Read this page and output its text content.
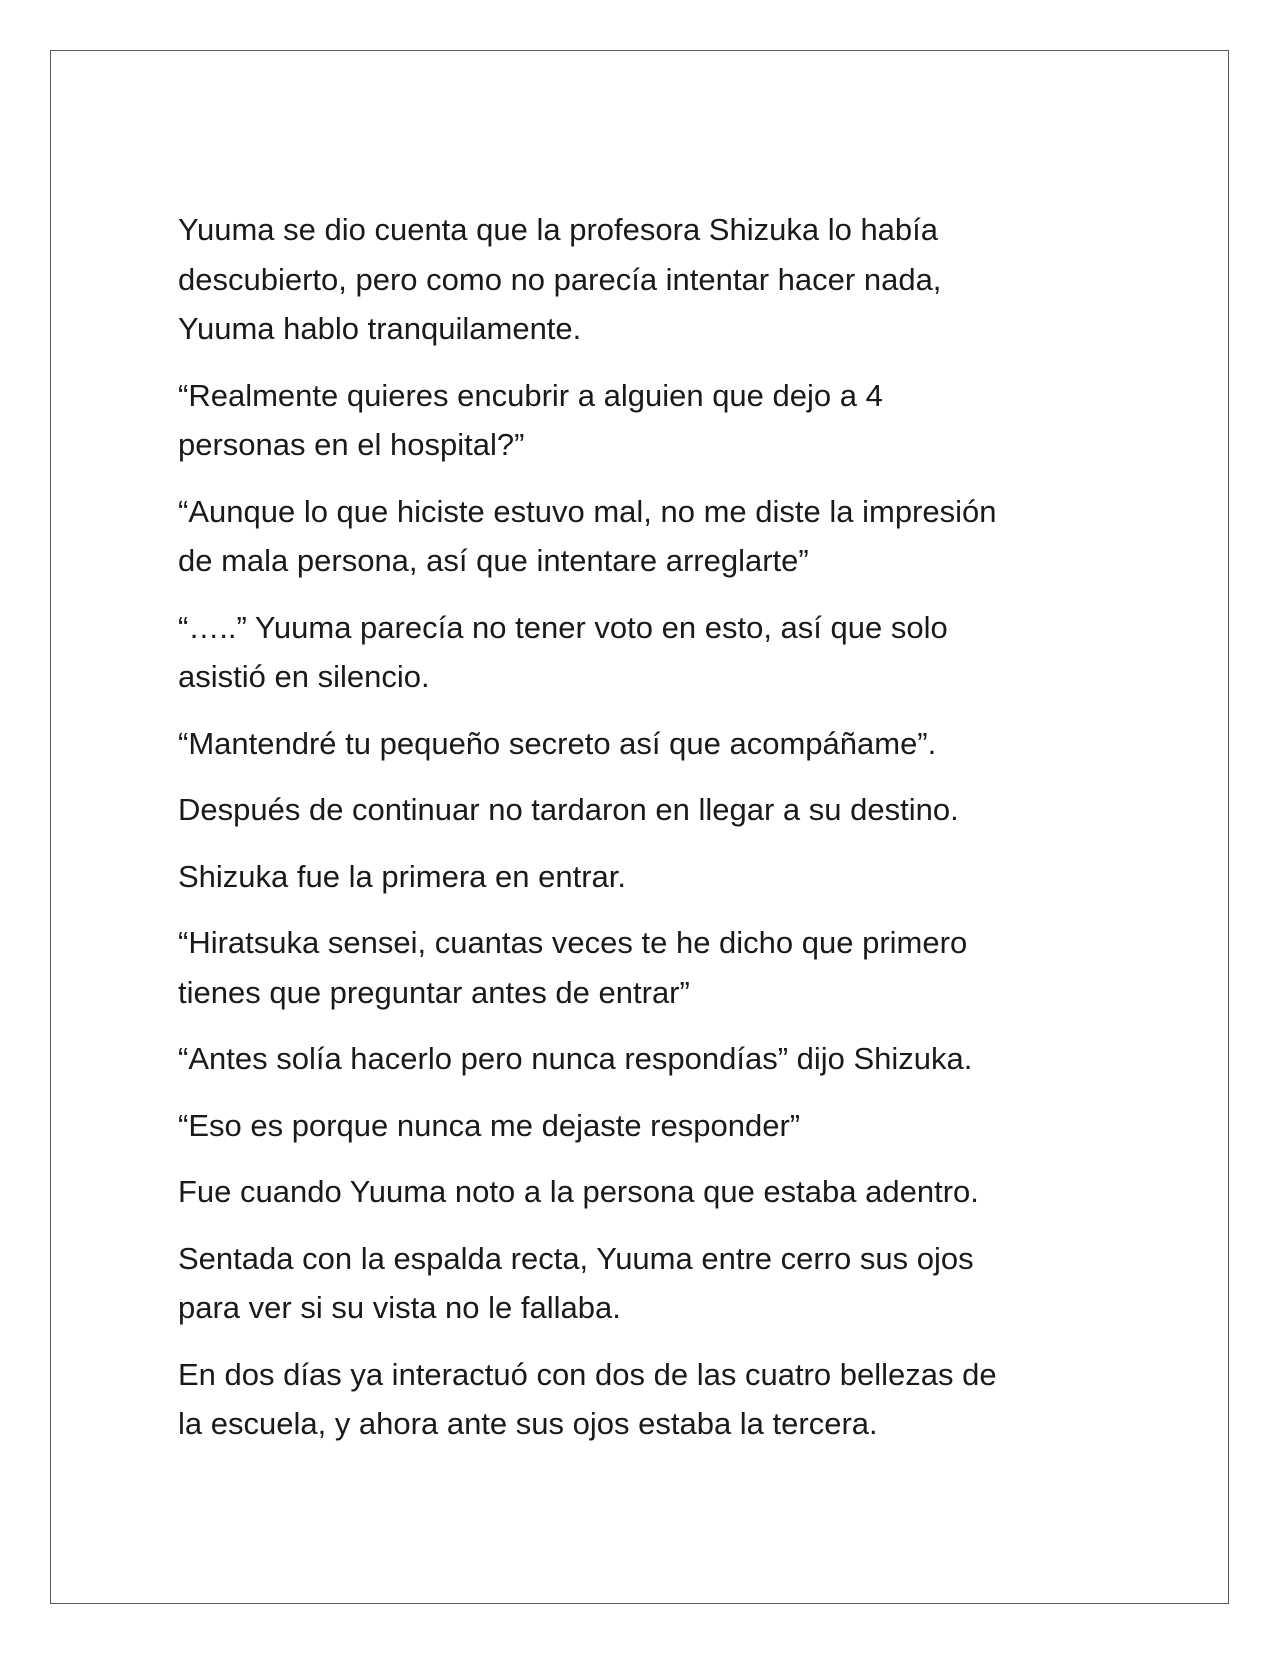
Yuuma se dio cuenta que la profesora Shizuka lo había
descubierto, pero como no parecía intentar hacer nada,
Yuuma hablo tranquilamente.

“Realmente quieres encubrir a alguien que dejo a 4
personas en el hospital?”

“Aunque lo que hiciste estuvo mal, no me diste la impresión
de mala persona, así que intentare arreglarte”

“…..” Yuuma parecía no tener voto en esto, así que solo
asistió en silencio.

“Mantendré tu pequeño secreto así que acompáñame”.

Después de continuar no tardaron en llegar a su destino.

Shizuka fue la primera en entrar.

“Hiratsuka sensei, cuantas veces te he dicho que primero
tienes que preguntar antes de entrar”

“Antes solía hacerlo pero nunca respondías” dijo Shizuka.

“Eso es porque nunca me dejaste responder”

Fue cuando Yuuma noto a la persona que estaba adentro.

Sentada con la espalda recta, Yuuma entre cerro sus ojos
para ver si su vista no le fallaba.

En dos días ya interactuó con dos de las cuatro bellezas de
la escuela, y ahora ante sus ojos estaba la tercera.
